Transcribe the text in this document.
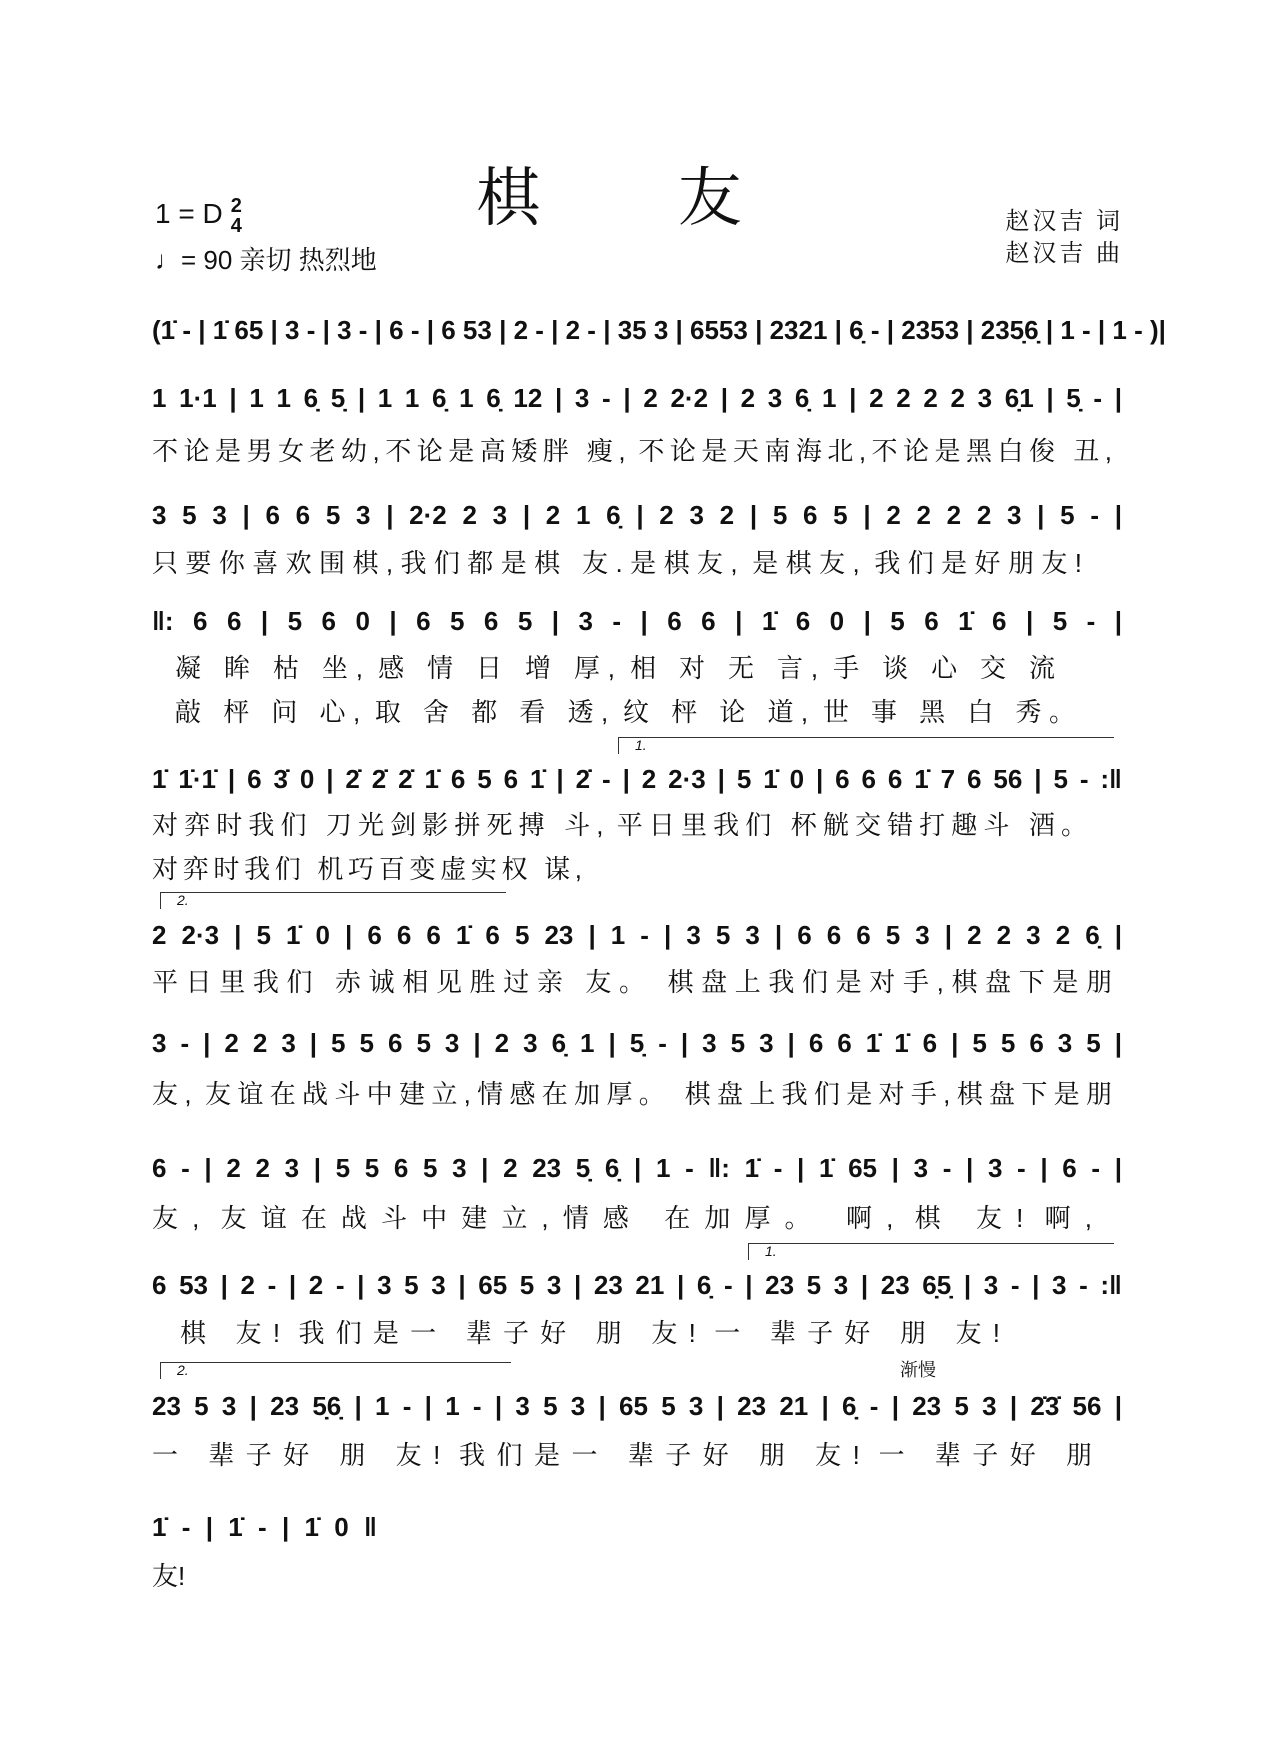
棋 友
1 = D 2
4
♩= 90 亲切 热烈地
赵汉吉 词
赵汉吉 曲
(1̇ - | 1̇ 65 | 3 - | 3 - | 6 - | 6 53 | 2 - | 2 - | 35 3 | 6553 | 2321 | 6̣ - | 2353 | 235̣6̣ | 1 - | 1 - )|
1 1·1 | 1 1 6̣ 5̣ | 1 1 6̣ 1 6̣ 12 | 3 - | 2 2·2 | 2 3 6̣ 1 | 2 2 2 2 3 6̣1 | 5̣ - |
不论是男女老幼,不论是高矮胖 瘦, 不论是天南海北,不论是黑白俊 丑,
3 5 3 | 6 6 5 3 | 2·2 2 3 | 2 1 6̣ | 2 3 2 | 5 6 5 | 2 2 2 2 3 | 5 - |
只要你喜欢围棋,我们都是棋 友.是棋友, 是棋友, 我们是好朋友!
‖: 6 6 | 5 6 0 | 6 5 6 5 | 3 - | 6 6 | 1̇ 6 0 | 5 6 1̇ 6 | 5 - |
凝 眸 枯 坐, 感 情 日 增 厚, 相 对 无 言, 手 谈 心 交 流
敲 枰 问 心, 取 舍 都 看 透, 纹 枰 论 道, 世 事 黑 白 秀。
1.
1̇ 1̇·1̇ | 6 3̇ 0 | 2̇ 2̇ 2̇ 1̇ 6 5 6 1̇ | 2̇ - | 2 2·3 | 5 1̇ 0 | 6 6 6 1̇ 7 6 56 | 5 - :‖
对弈时我们 刀光剑影拼死搏 斗, 平日里我们 杯觥交错打趣斗 酒。
对弈时我们 机巧百变虚实权 谋,
2.
2 2·3 | 5 1̇ 0 | 6 6 6 1̇ 6 5 23 | 1 - | 3 5 3 | 6 6 6 5 3 | 2 2 3 2 6̣ |
平日里我们 赤诚相见胜过亲 友。 棋盘上我们是对手,棋盘下是朋
3 - | 2 2 3 | 5 5 6 5 3 | 2 3 6̣ 1 | 5̣ - | 3 5 3 | 6 6 1̇ 1̇ 6 | 5 5 6 3 5 |
友, 友谊在战斗中建立,情感在加厚。 棋盘上我们是对手,棋盘下是朋
6 - | 2 2 3 | 5 5 6 5 3 | 2 23 5̣ 6̣ | 1 - ‖: 1̇ - | 1̇ 65 | 3 - | 3 - | 6 - |
友, 友谊在战斗中建立,情感 在加厚。 啊, 棋 友! 啊,
1.
6 53 | 2 - | 2 - | 3 5 3 | 65 5 3 | 23 21 | 6̣ - | 23 5 3 | 23 6̣5̣ | 3 - | 3 - :‖
棋 友! 我们是一 辈子好 朋 友! 一 辈子好 朋 友!
渐慢
2.
23 5 3 | 23 5̣6̣ | 1 - | 1 - | 3 5 3 | 65 5 3 | 23 21 | 6̣ - | 23 5 3 | 2̇3̇ 56 |
一 辈子好 朋 友! 我们是一 辈子好 朋 友! 一 辈子好 朋
1̇ - | 1̇ - | 1̇ 0 ‖
友!
